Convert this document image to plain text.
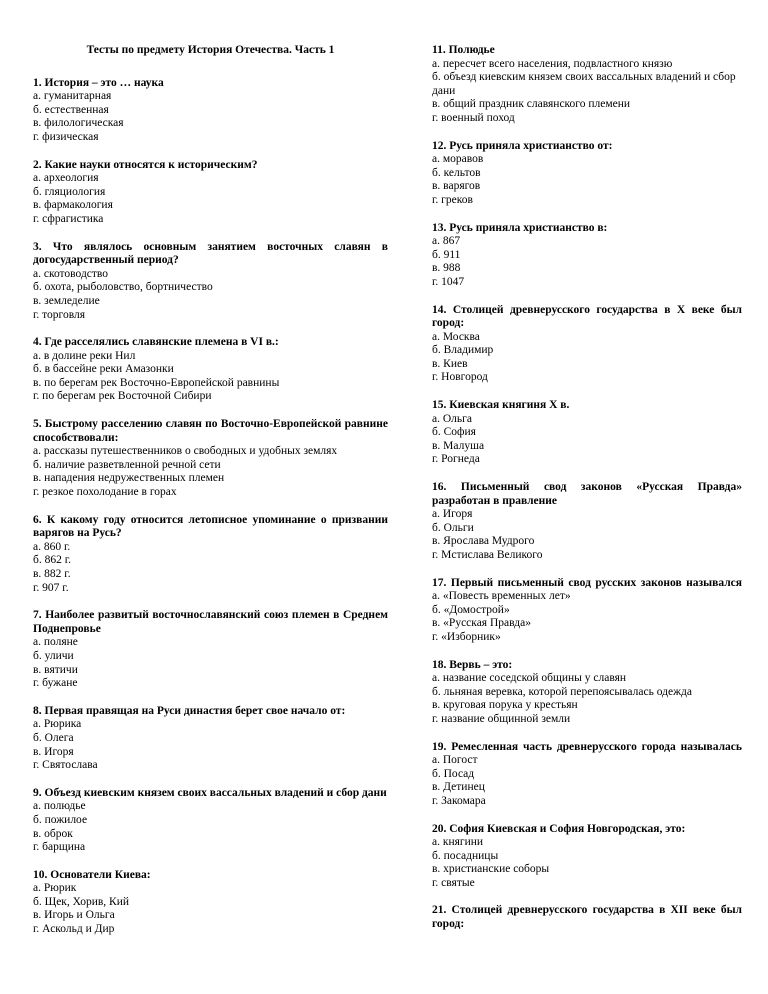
Тесты по предмету История Отечества. Часть 1
1. История – это … наука
а. гуманитарная
б. естественная
в. филологическая
г. физическая
2. Какие науки относятся к историческим?
а. археология
б. гляциология
в. фармакология
г. сфрагистика
3. Что являлось основным занятием восточных славян в догосударственный период?
а. скотоводство
б. охота, рыболовство, бортничество
в. земледелие
г. торговля
4. Где расселялись славянские племена в VI в.:
а. в долине реки Нил
б. в бассейне реки Амазонки
в. по берегам рек Восточно-Европейской равнины
г. по берегам рек Восточной Сибири
5. Быстрому расселению славян по Восточно-Европейской равнине способствовали:
а. рассказы путешественников о свободных и удобных землях
б. наличие разветвленной речной сети
в. нападения недружественных племен
г. резкое похолодание в горах
6. К какому году относится летописное упоминание о призвании варягов на Русь?
а. 860 г.
б. 862 г.
в. 882 г.
г. 907 г.
7. Наиболее развитый восточнославянский союз племен в Среднем Поднепровье
а. поляне
б. уличи
в. вятичи
г. бужане
8. Первая правящая на Руси династия берет свое начало от:
а. Рюрика
б. Олега
в. Игоря
г. Святослава
9. Объезд киевским князем своих вассальных владений и сбор дани
а. полюдье
б. пожилое
в. оброк
г. барщина
10. Основатели Киева:
а. Рюрик
б. Щек, Хорив, Кий
в. Игорь и Ольга
г. Аскольд и Дир
11. Полюдье
а. пересчет всего населения, подвластного князю
б. объезд киевским князем своих вассальных владений и сбор дани
в. общий праздник славянского племени
г. военный поход
12. Русь приняла христианство от:
а. моравов
б. кельтов
в. варягов
г. греков
13. Русь приняла христианство в:
а. 867
б. 911
в. 988
г. 1047
14. Столицей древнерусского государства в X веке был город:
а. Москва
б. Владимир
в. Киев
г. Новгород
15. Киевская княгиня X в.
а. Ольга
б. София
в. Малуша
г. Рогнеда
16. Письменный свод законов «Русская Правда» разработан в правление
а. Игоря
б. Ольги
в. Ярослава Мудрого
г. Мстислава Великого
17. Первый письменный свод русских законов назывался
а. «Повесть временных лет»
б. «Домострой»
в. «Русская Правда»
г. «Изборник»
18. Вервь – это:
а. название соседской общины у славян
б. льняная веревка, которой перепоясывалась одежда
в. круговая порука у крестьян
г. название общинной земли
19. Ремесленная часть древнерусского города называлась
а. Погост
б. Посад
в. Детинец
г. Закомара
20. София Киевская и София Новгородская, это:
а. княгини
б. посадницы
в. христианские соборы
г. святые
21. Столицей древнерусского государства в XII веке был город:
